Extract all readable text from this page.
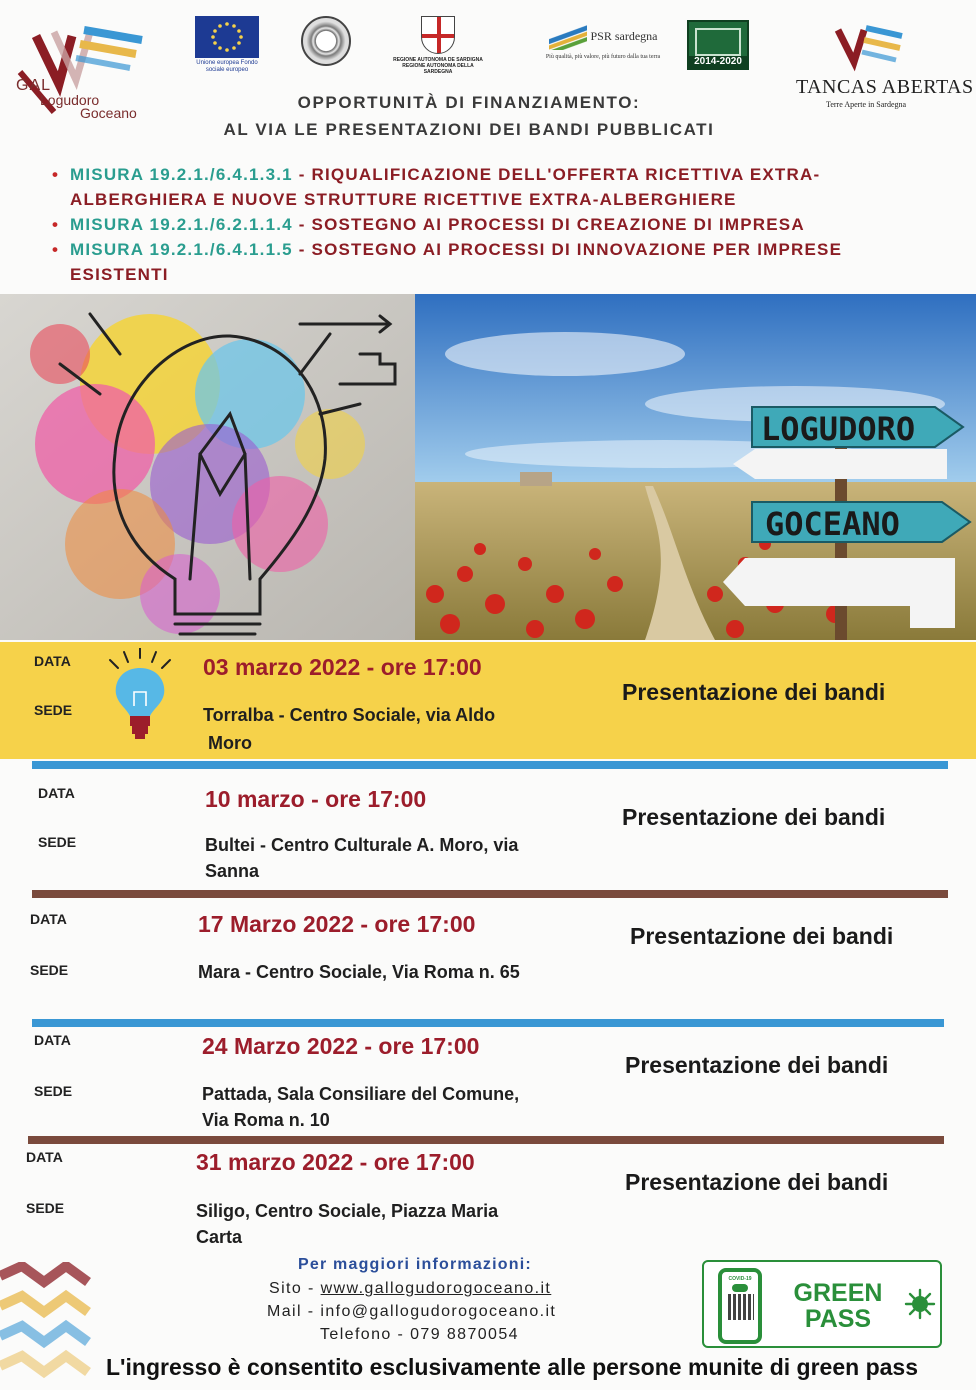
GAL
Logudoro
Goceano
Unione europea Fondo sociale europeo
REGIONE AUTONOMA DE SARDIGNA REGIONE AUTONOMA DELLA SARDEGNA
PSR sardegna
Più qualità, più valore, più futuro dalla tua terra	2014-2020
TANCAS ABERTAS
Terre Aperte in Sardegna
OPPORTUNITÀ DI FINANZIAMENTO:
AL VIA LE PRESENTAZIONI DEI BANDI PUBBLICATI
• MISURA 19.2.1./6.4.1.3.1 - RIQUALIFICAZIONE DELL'OFFERTA RICETTIVA EXTRA-ALBERGHIERA E NUOVE STRUTTURE RICETTIVE EXTRA-ALBERGHIERE
• MISURA 19.2.1./6.2.1.1.4 - SOSTEGNO AI PROCESSI DI CREAZIONE DI IMPRESA
• MISURA 19.2.1./6.4.1.1.5 - SOSTEGNO AI PROCESSI DI INNOVAZIONE PER IMPRESE ESISTENTI
LOGUDORO
GOCEANO
DATA
SEDE
03 marzo 2022 - ore 17:00
Torralba - Centro Sociale, via Aldo
Moro
Presentazione dei bandi
DATA
SEDE
10 marzo - ore 17:00
Bultei - Centro Culturale A. Moro, via
Sanna
Presentazione dei bandi
DATA
SEDE
17 Marzo 2022 - ore 17:00
Mara - Centro Sociale, Via Roma n. 65
Presentazione dei bandi
DATA
SEDE
24 Marzo 2022 - ore 17:00
Pattada, Sala Consiliare del Comune,
Via Roma n. 10
Presentazione dei bandi
DATA
SEDE
31 marzo 2022 - ore 17:00
Siligo, Centro Sociale, Piazza Maria
Carta
Presentazione dei bandi
Per maggiori informazioni:
Sito - www.gallogudorogoceano.it
Mail - info@gallogudorogoceano.it
Telefono - 079 8870054
COVID-19 GREEN
PASS
L'ingresso è consentito esclusivamente alle persone munite di green pass
